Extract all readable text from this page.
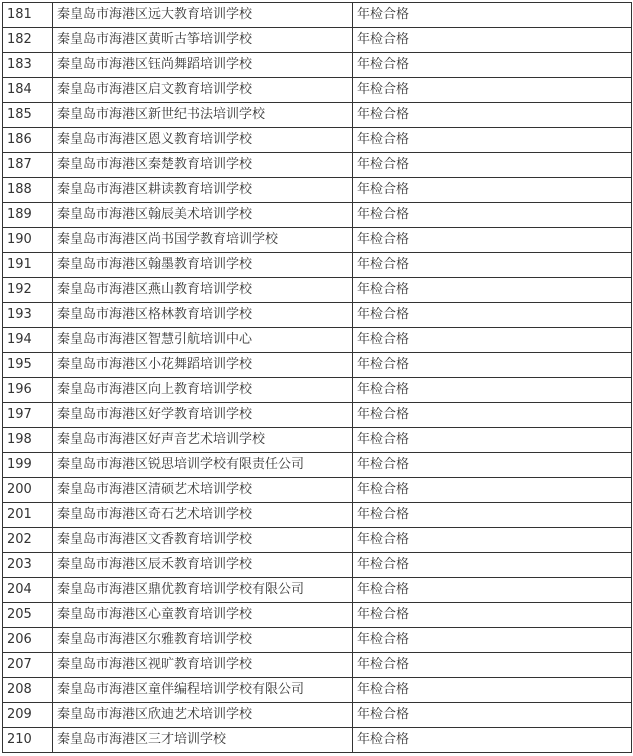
181	秦皇岛市海港区远大教育培训学校	年检合格
182	秦皇岛市海港区黄昕古筝培训学校	年检合格
183	秦皇岛市海港区钰尚舞蹈培训学校	年检合格
184	秦皇岛市海港区启文教育培训学校	年检合格
185	秦皇岛市海港区新世纪书法培训学校	年检合格
186	秦皇岛市海港区恩义教育培训学校	年检合格
187	秦皇岛市海港区秦楚教育培训学校	年检合格
188	秦皇岛市海港区耕读教育培训学校	年检合格
189	秦皇岛市海港区翰辰美术培训学校	年检合格
190	秦皇岛市海港区尚书国学教育培训学校	年检合格
191	秦皇岛市海港区翰墨教育培训学校	年检合格
192	秦皇岛市海港区燕山教育培训学校	年检合格
193	秦皇岛市海港区格林教育培训学校	年检合格
194	秦皇岛市海港区智慧引航培训中心	年检合格
195	秦皇岛市海港区小花舞蹈培训学校	年检合格
196	秦皇岛市海港区向上教育培训学校	年检合格
197	秦皇岛市海港区好学教育培训学校	年检合格
198	秦皇岛市海港区好声音艺术培训学校	年检合格
199	秦皇岛市海港区锐思培训学校有限责任公司	年检合格
200	秦皇岛市海港区清硕艺术培训学校	年检合格
201	秦皇岛市海港区奇石艺术培训学校	年检合格
202	秦皇岛市海港区文香教育培训学校	年检合格
203	秦皇岛市海港区辰禾教育培训学校	年检合格
204	秦皇岛市海港区鼎优教育培训学校有限公司	年检合格
205	秦皇岛市海港区心童教育培训学校	年检合格
206	秦皇岛市海港区尔雅教育培训学校	年检合格
207	秦皇岛市海港区视旷教育培训学校	年检合格
208	秦皇岛市海港区童伴编程培训学校有限公司	年检合格
209	秦皇岛市海港区欣迪艺术培训学校	年检合格
210	秦皇岛市海港区三才培训学校	年检合格
